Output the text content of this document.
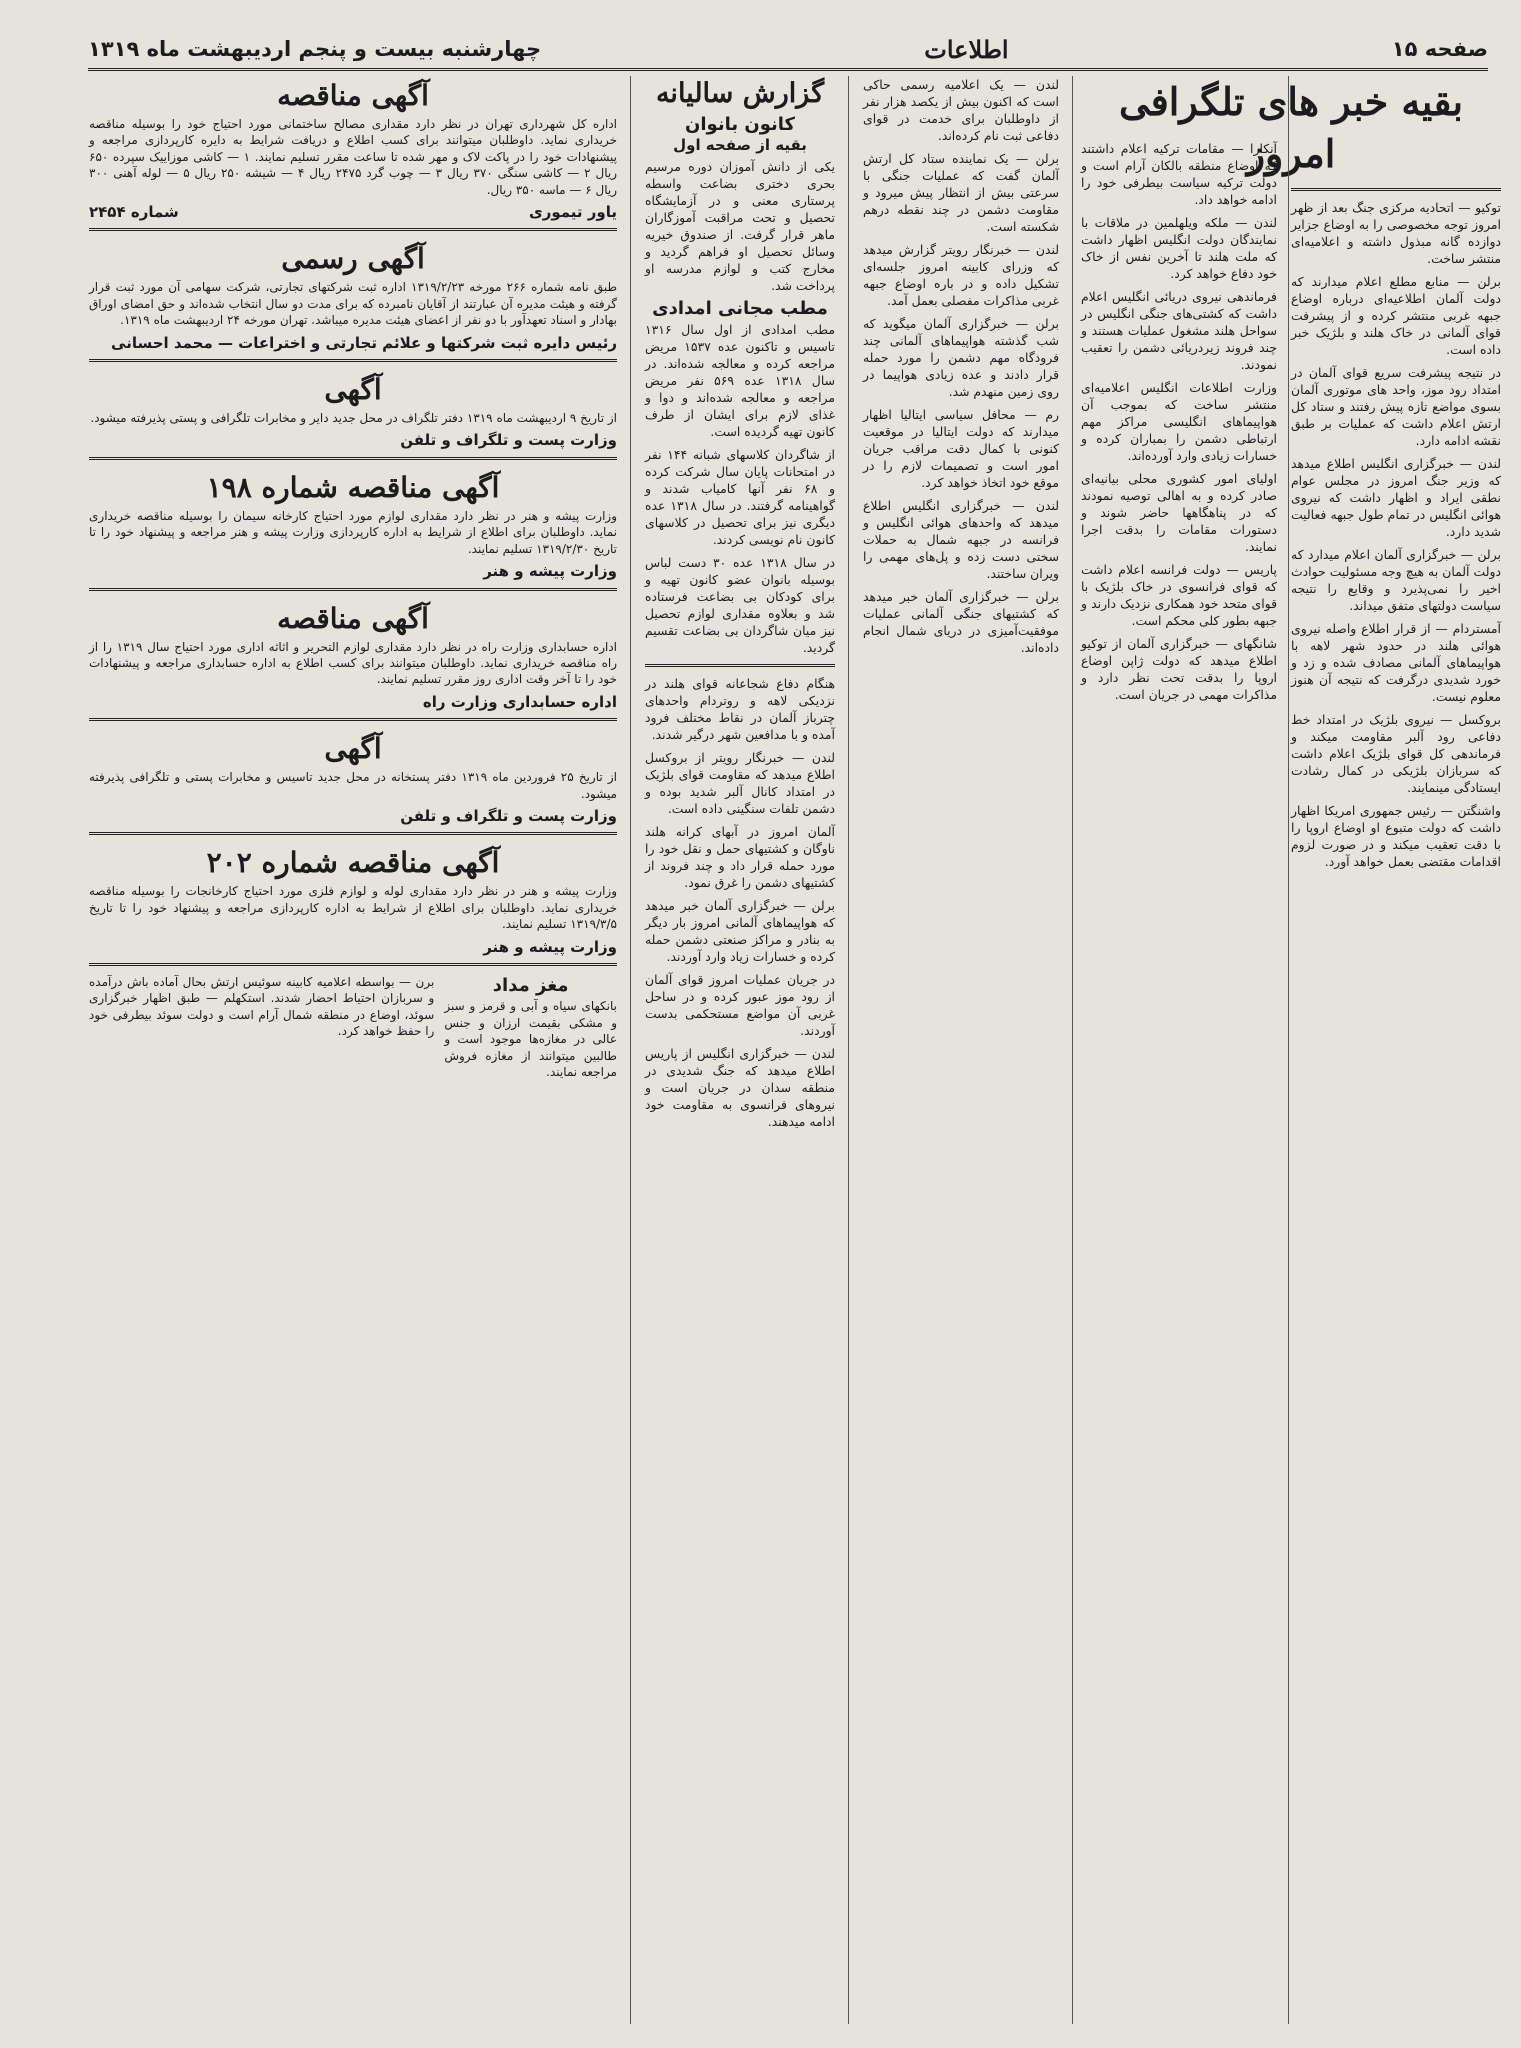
صفحه ۱۵
اطلاعات
چهارشنبه بیست و پنجم اردیبهشت ماه ۱۳۱۹
بقیه خبر های تلگرافی امروز

توکیو — اتحادیه مرکزی جنگ بعد از ظهر امروز توجه مخصوصی را به اوضاع جزایر دوازده گانه مبذول داشته و اعلامیه‌ای منتشر ساخت.

برلن — منابع مطلع اعلام میدارند که دولت آلمان اطلاعیه‌ای درباره اوضاع جبهه غربی منتشر کرده و از پیشرفت قوای آلمانی در خاک هلند و بلژیک خبر داده است.

در نتیجه پیشرفت سریع قوای آلمان در امتداد رود موز، واحد های موتوری آلمان بسوی مواضع تازه پیش رفتند و ستاد کل ارتش اعلام داشت که عملیات بر طبق نقشه ادامه دارد.

لندن — خبرگزاری انگلیس اطلاع میدهد که وزیر جنگ امروز در مجلس عوام نطقی ایراد و اظهار داشت که نیروی هوائی انگلیس در تمام طول جبهه فعالیت شدید دارد.

برلن — خبرگزاری آلمان اعلام میدارد که دولت آلمان به هیچ وجه مسئولیت حوادث اخیر را نمی‌پذیرد و وقایع را نتیجه سیاست دولتهای متفق میداند.

آمستردام — از قرار اطلاع واصله نیروی هوائی هلند در حدود شهر لاهه با هواپیماهای آلمانی مصادف شده و زد و خورد شدیدی درگرفت که نتیجه آن هنوز معلوم نیست.

بروکسل — نیروی بلژیک در امتداد خط دفاعی رود آلبر مقاومت میکند و فرماندهی کل قوای بلژیک اعلام داشت که سربازان بلژیکی در کمال رشادت ایستادگی مینمایند.

واشنگتن — رئیس جمهوری امریکا اظهار داشت که دولت متبوع او اوضاع اروپا را با دقت تعقیب میکند و در صورت لزوم اقدامات مقتضی بعمل خواهد آورد.

آنکارا — مقامات ترکیه اعلام داشتند که اوضاع منطقه بالکان آرام است و دولت ترکیه سیاست بیطرفی خود را ادامه خواهد داد.

لندن — ملکه ویلهلمین در ملاقات با نمایندگان دولت انگلیس اظهار داشت که ملت هلند تا آخرین نفس از خاک خود دفاع خواهد کرد.

فرماندهی نیروی دریائی انگلیس اعلام داشت که کشتی‌های جنگی انگلیس در سواحل هلند مشغول عملیات هستند و چند فروند زیردریائی دشمن را تعقیب نمودند.

وزارت اطلاعات انگلیس اعلامیه‌ای منتشر ساخت که بموجب آن هواپیماهای انگلیسی مراکز مهم ارتباطی دشمن را بمباران کرده و خسارات زیادی وارد آورده‌اند.

اولیای امور کشوری محلی بیانیه‌ای صادر کرده و به اهالی توصیه نمودند که در پناهگاهها حاضر شوند و دستورات مقامات را بدقت اجرا نمایند.

پاریس — دولت فرانسه اعلام داشت که قوای فرانسوی در خاک بلژیک با قوای متحد خود همکاری نزدیک دارند و جبهه بطور کلی محکم است.

شانگهای — خبرگزاری آلمان از توکیو اطلاع میدهد که دولت ژاپن اوضاع اروپا را بدقت تحت نظر دارد و مذاکرات مهمی در جریان است.

لندن — یک اعلامیه رسمی حاکی است که اکنون بیش از یکصد هزار نفر از داوطلبان برای خدمت در قوای دفاعی ثبت نام کرده‌اند.

برلن — یک نماینده ستاد کل ارتش آلمان گفت که عملیات جنگی با سرعتی بیش از انتظار پیش میرود و مقاومت دشمن در چند نقطه درهم شکسته است.

لندن — خبرنگار رویتر گزارش میدهد که وزرای کابینه امروز جلسه‌ای تشکیل داده و در باره اوضاع جبهه غربی مذاکرات مفصلی بعمل آمد.

برلن — خبرگزاری آلمان میگوید که شب گذشته هواپیماهای آلمانی چند فرودگاه مهم دشمن را مورد حمله قرار دادند و عده زیادی هواپیما در روی زمین منهدم شد.

رم — محافل سیاسی ایتالیا اظهار میدارند که دولت ایتالیا در موقعیت کنونی با کمال دقت مراقب جریان امور است و تصمیمات لازم را در موقع خود اتخاذ خواهد کرد.

لندن — خبرگزاری انگلیس اطلاع میدهد که واحدهای هوائی انگلیس و فرانسه در جبهه شمال به حملات سختی دست زده و پل‌های مهمی را ویران ساختند.

برلن — خبرگزاری آلمان خبر میدهد که کشتیهای جنگی آلمانی عملیات موفقیت‌آمیزی در دریای شمال انجام داده‌اند.

گزارش سالیانه
کانون بانوان
بقیه از صفحه اول

یکی از دانش آموزان دوره مرسیم بحری دختری بضاعت واسطه پرستاری معنی و در آزمایشگاه تحصیل و تحت مراقبت آموزگاران ماهر قرار گرفت. از صندوق خیریه وسائل تحصیل او فراهم گردید و مخارج کتب و لوازم مدرسه او پرداخت شد.

مطب مجانی امدادی

مطب امدادی از اول سال ۱۳۱۶ تاسیس و تاکنون عده ۱۵۳۷ مریض مراجعه کرده و معالجه شده‌اند. در سال ۱۳۱۸ عده ۵۶۹ نفر مریض مراجعه و معالجه شده‌اند و دوا و غذای لازم برای ایشان از طرف کانون تهیه گردیده است.

از شاگردان کلاسهای شبانه ۱۴۴ نفر در امتحانات پایان سال شرکت کرده و ۶۸ نفر آنها کامیاب شدند و گواهینامه گرفتند. در سال ۱۳۱۸ عده دیگری نیز برای تحصیل در کلاسهای کانون نام نویسی کردند.

در سال ۱۳۱۸ عده ۳۰ دست لباس بوسیله بانوان عضو کانون تهیه و برای کودکان بی بضاعت فرستاده شد و بعلاوه مقداری لوازم تحصیل نیز میان شاگردان بی بضاعت تقسیم گردید.

هنگام دفاع شجاعانه قوای هلند در نزدیکی لاهه و روتردام واحدهای چترباز آلمان در نقاط مختلف فرود آمده و با مدافعین شهر درگیر شدند.

لندن — خبرنگار رویتر از بروکسل اطلاع میدهد که مقاومت قوای بلژیک در امتداد کانال آلبر شدید بوده و دشمن تلفات سنگینی داده است.

آلمان امروز در آبهای کرانه هلند ناوگان و کشتیهای حمل و نقل خود را مورد حمله قرار داد و چند فروند از کشتیهای دشمن را غرق نمود.

برلن — خبرگزاری آلمان خبر میدهد که هواپیماهای آلمانی امروز بار دیگر به بنادر و مراکز صنعتی دشمن حمله کرده و خسارات زیاد وارد آوردند.

در جریان عملیات امروز قوای آلمان از رود موز عبور کرده و در ساحل غربی آن مواضع مستحکمی بدست آوردند.

لندن — خبرگزاری انگلیس از پاریس اطلاع میدهد که جنگ شدیدی در منطقه سدان در جریان است و نیروهای فرانسوی به مقاومت خود ادامه میدهند.

آگهی مناقصه

اداره کل شهرداری تهران در نظر دارد مقداری مصالح ساختمانی مورد احتیاج خود را بوسیله مناقصه خریداری نماید. داوطلبان میتوانند برای کسب اطلاع و دریافت شرایط به دایره کارپردازی مراجعه و پیشنهادات خود را در پاکت لاک و مهر شده تا ساعت مقرر تسلیم نمایند. ۱ — کاشی موزاییک سپرده ۶۵۰ ریال ۲ — کاشی سنگی ۳۷۰ ریال ۳ — چوب گرد ۲۴۷۵ ریال ۴ — شیشه ۲۵۰ ریال ۵ — لوله آهنی ۳۰۰ ریال ۶ — ماسه ۳۵۰ ریال.

یاور تیموری
شماره ۲۴۵۴
آگهی رسمی

طبق نامه شماره ۲۶۶ مورخه ۱۳۱۹/۲/۲۳ اداره ثبت شرکتهای تجارتی، شرکت سهامی آن مورد ثبت قرار گرفته و هیئت مدیره آن عبارتند از آقایان نامبرده که برای مدت دو سال انتخاب شده‌اند و حق امضای اوراق بهادار و اسناد تعهدآور با دو نفر از اعضای هیئت مدیره میباشد. تهران مورخه ۲۴ اردیبهشت ماه ۱۳۱۹.

رئیس دایره ثبت شرکتها و علائم تجارتی و اختراعات — محمد احسانی
آگهی

از تاریخ ۹ اردیبهشت ماه ۱۳۱۹ دفتر تلگراف در محل جدید دایر و مخابرات تلگرافی و پستی پذیرفته میشود.

وزارت پست و تلگراف و تلفن
آگهی مناقصه شماره ۱۹۸

وزارت پیشه و هنر در نظر دارد مقداری لوازم مورد احتیاج کارخانه سیمان را بوسیله مناقصه خریداری نماید. داوطلبان برای اطلاع از شرایط به اداره کارپردازی وزارت پیشه و هنر مراجعه و پیشنهاد خود را تا تاریخ ۱۳۱۹/۲/۳۰ تسلیم نمایند.

وزارت پیشه و هنر
آگهی مناقصه

اداره حسابداری وزارت راه در نظر دارد مقداری لوازم التحریر و اثاثه اداری مورد احتیاج سال ۱۳۱۹ را از راه مناقصه خریداری نماید. داوطلبان میتوانند برای کسب اطلاع به اداره حسابداری مراجعه و پیشنهادات خود را تا آخر وقت اداری روز مقرر تسلیم نمایند.

اداره حسابداری وزارت راه
آگهی

از تاریخ ۲۵ فروردین ماه ۱۳۱۹ دفتر پستخانه در محل جدید تاسیس و مخابرات پستی و تلگرافی پذیرفته میشود.

وزارت پست و تلگراف و تلفن
آگهی مناقصه شماره ۲۰۲

وزارت پیشه و هنر در نظر دارد مقداری لوله و لوازم فلزی مورد احتیاج کارخانجات را بوسیله مناقصه خریداری نماید. داوطلبان برای اطلاع از شرایط به اداره کارپردازی مراجعه و پیشنهاد خود را تا تاریخ ۱۳۱۹/۳/۵ تسلیم نمایند.

وزارت پیشه و هنر
مغز مداد

بانکهای سیاه و آبی و قرمز و سبز و مشکی بقیمت ارزان و جنس عالی در مغازه‌ها موجود است و طالبین میتوانند از مغازه فروش مراجعه نمایند.

برن — بواسطه اعلامیه کابینه سوئیس ارتش بحال آماده باش درآمده و سربازان احتیاط احضار شدند. استکهلم — طبق اظهار خبرگزاری سوئد، اوضاع در منطقه شمال آرام است و دولت سوئد بیطرفی خود را حفظ خواهد کرد.
